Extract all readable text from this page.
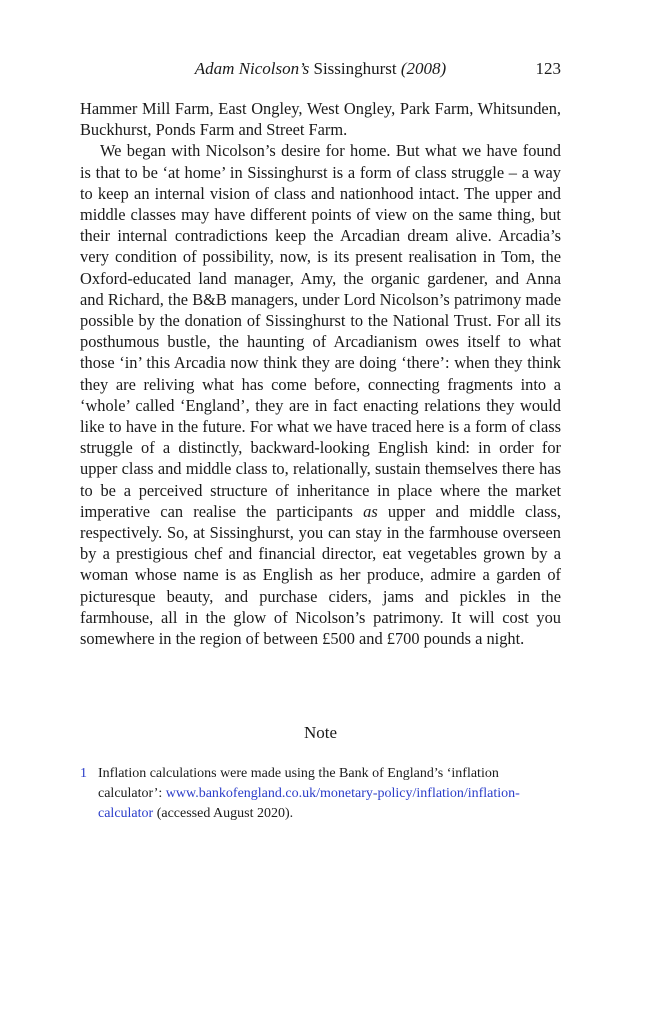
Adam Nicolson’s Sissinghurst (2008)	123

Hammer Mill Farm, East Ongley, West Ongley, Park Farm, Whitsunden, Buckhurst, Ponds Farm and Street Farm.

We began with Nicolson’s desire for home. But what we have found is that to be ‘at home’ in Sissinghurst is a form of class struggle – a way to keep an internal vision of class and nationhood intact. The upper and middle classes may have different points of view on the same thing, but their internal contradictions keep the Arcadian dream alive. Arcadia’s very condition of possibility, now, is its present realisation in Tom, the Oxford-educated land manager, Amy, the organic gardener, and Anna and Richard, the B&B managers, under Lord Nicolson’s patrimony made possible by the donation of Sissinghurst to the National Trust. For all its posthumous bustle, the haunting of Arcadianism owes itself to what those ‘in’ this Arcadia now think they are doing ‘there’: when they think they are reliving what has come before, connecting fragments into a ‘whole’ called ‘England’, they are in fact enacting relations they would like to have in the future. For what we have traced here is a form of class struggle of a distinctly, backward-looking English kind: in order for upper class and middle class to, relationally, sustain themselves there has to be a perceived structure of inheritance in place where the market imperative can realise the participants as upper and middle class, respectively. So, at Sissinghurst, you can stay in the farmhouse overseen by a prestigious chef and financial director, eat vegetables grown by a woman whose name is as English as her produce, admire a garden of picturesque beauty, and purchase ciders, jams and pickles in the farmhouse, all in the glow of Nicolson’s patrimony. It will cost you somewhere in the region of between £500 and £700 pounds a night.

Note
1 Inflation calculations were made using the Bank of England’s ‘inflation calculator’: www.bankofengland.co.uk/monetary-policy/inflation/inflation-calculator (accessed August 2020).
